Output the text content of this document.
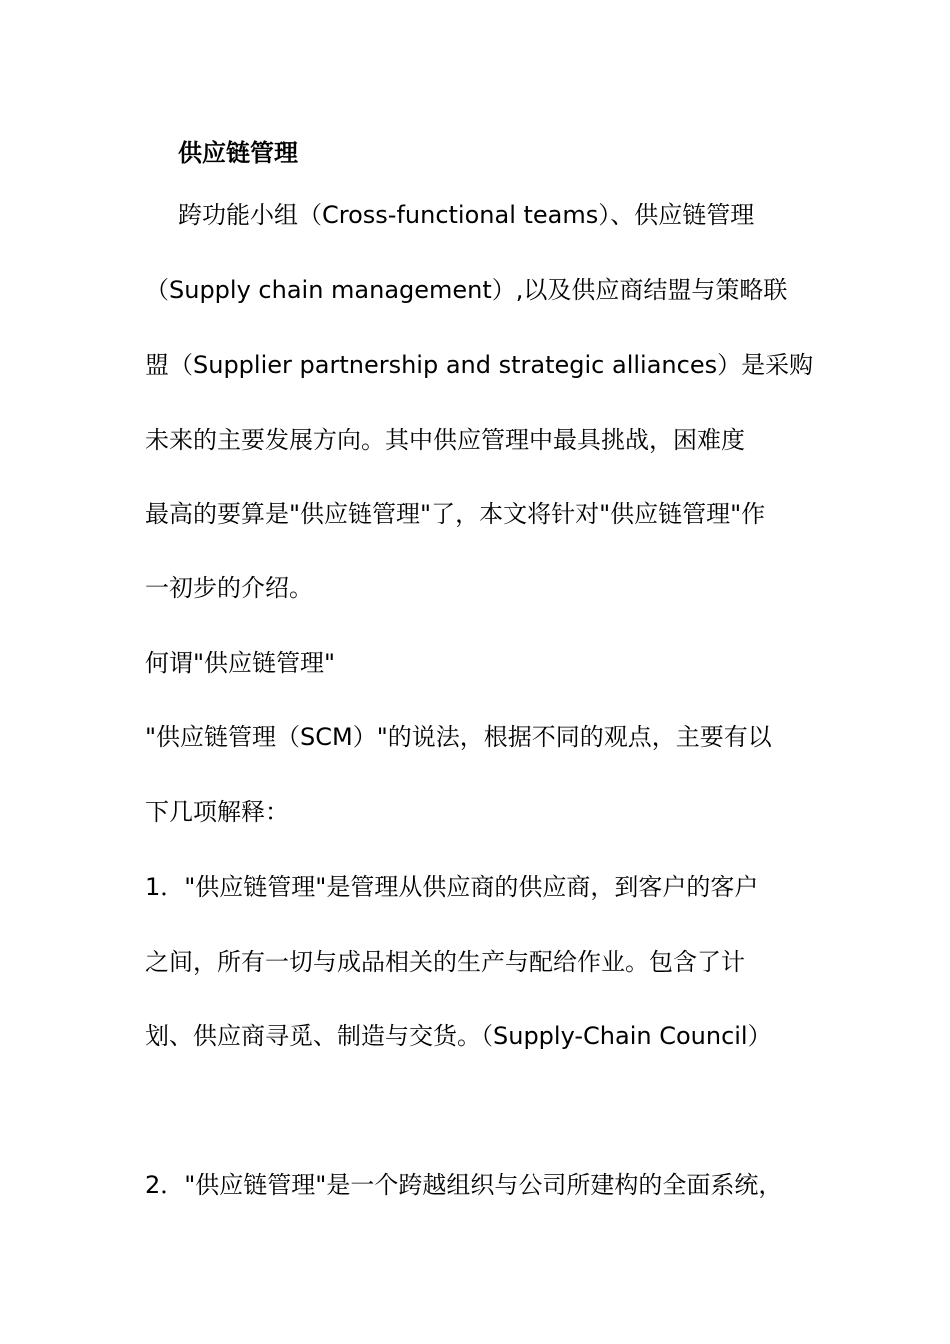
供应链管理
跨功能小组（Cross-functional teams）、供应链管理
（Supply chain management）,以及供应商结盟与策略联
盟（Supplier partnership and strategic alliances）是采购
未来的主要发展方向。其中供应管理中最具挑战，困难度
最高的要算是"供应链管理"了，本文将针对"供应链管理"作
一初步的介绍。
何谓"供应链管理"
"供应链管理（SCM）"的说法，根据不同的观点，主要有以
下几项解释：
1．"供应链管理"是管理从供应商的供应商，到客户的客户
之间，所有一切与成品相关的生产与配给作业。包含了计
划、供应商寻觅、制造与交货。（Supply-Chain Council）
2．"供应链管理"是一个跨越组织与公司所建构的全面系统，
